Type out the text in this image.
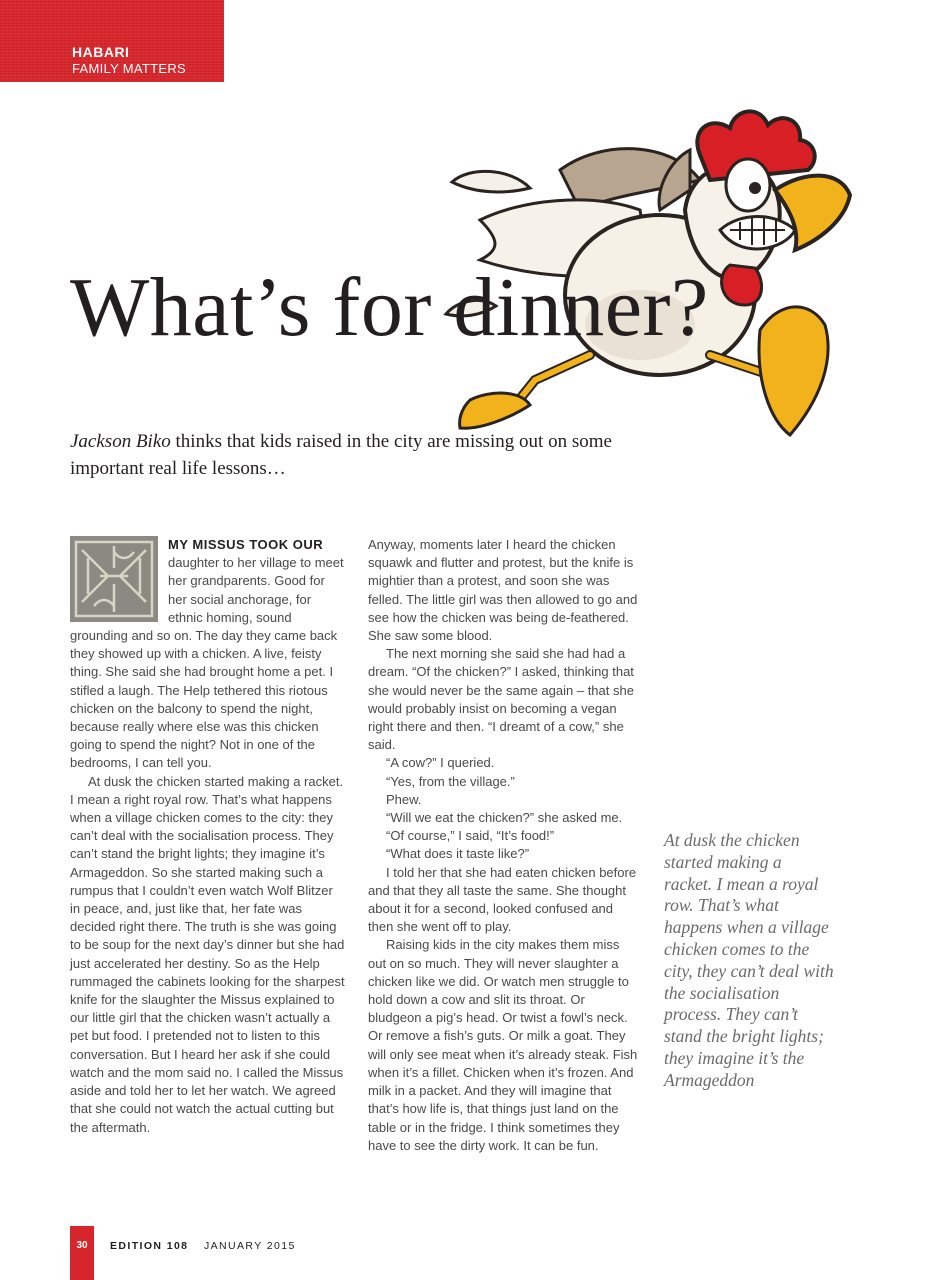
HABARI
FAMILY MATTERS
What’s for dinner?
Jackson Biko thinks that kids raised in the city are missing out on some important real life lessons…

MY MISSUS TOOK OUR daughter to her village to meet her grandparents. Good for her social anchorage, for ethnic homing, sound grounding and so on. The day they came back they showed up with a chicken. A live, feisty thing. She said she had brought home a pet. I stifled a laugh. The Help tethered this riotous chicken on the balcony to spend the night, because really where else was this chicken going to spend the night? Not in one of the bedrooms, I can tell you.

At dusk the chicken started making a racket. I mean a right royal row. That’s what happens when a village chicken comes to the city: they can’t deal with the socialisation process. They can’t stand the bright lights; they imagine it’s Armageddon. So she started making such a rumpus that I couldn’t even watch Wolf Blitzer in peace, and, just like that, her fate was decided right there. The truth is she was going to be soup for the next day’s dinner but she had just accelerated her destiny. So as the Help rummaged the cabinets looking for the sharpest knife for the slaughter the Missus explained to our little girl that the chicken wasn’t actually a pet but food. I pretended not to listen to this conversation. But I heard her ask if she could watch and the mom said no. I called the Missus aside and told her to let her watch. We agreed that she could not watch the actual cutting but the aftermath.

Anyway, moments later I heard the chicken squawk and flutter and protest, but the knife is mightier than a protest, and soon she was felled. The little girl was then allowed to go and see how the chicken was being de-feathered. She saw some blood.

The next morning she said she had had a dream. “Of the chicken?” I asked, thinking that she would never be the same again – that she would probably insist on becoming a vegan right there and then. “I dreamt of a cow,” she said.

“A cow?” I queried.

“Yes, from the village.”

Phew.

“Will we eat the chicken?” she asked me.

“Of course,” I said, “It’s food!”

“What does it taste like?”

I told her that she had eaten chicken before and that they all taste the same. She thought about it for a second, looked confused and then she went off to play.

Raising kids in the city makes them miss out on so much. They will never slaughter a chicken like we did. Or watch men struggle to hold down a cow and slit its throat. Or bludgeon a pig’s head. Or twist a fowl’s neck. Or remove a fish’s guts. Or milk a goat. They will only see meat when it’s already steak. Fish when it’s a fillet. Chicken when it’s frozen. And milk in a packet. And they will imagine that that’s how life is, that things just land on the table or in the fridge. I think sometimes they have to see the dirty work. It can be fun.

At dusk the chicken started making a racket. I mean a royal row. That’s what happens when a village chicken comes to the city, they can’t deal with the socialisation process. They can’t stand the bright lights; they imagine it’s the Armageddon
30	EDITION 108 JANUARY 2015
